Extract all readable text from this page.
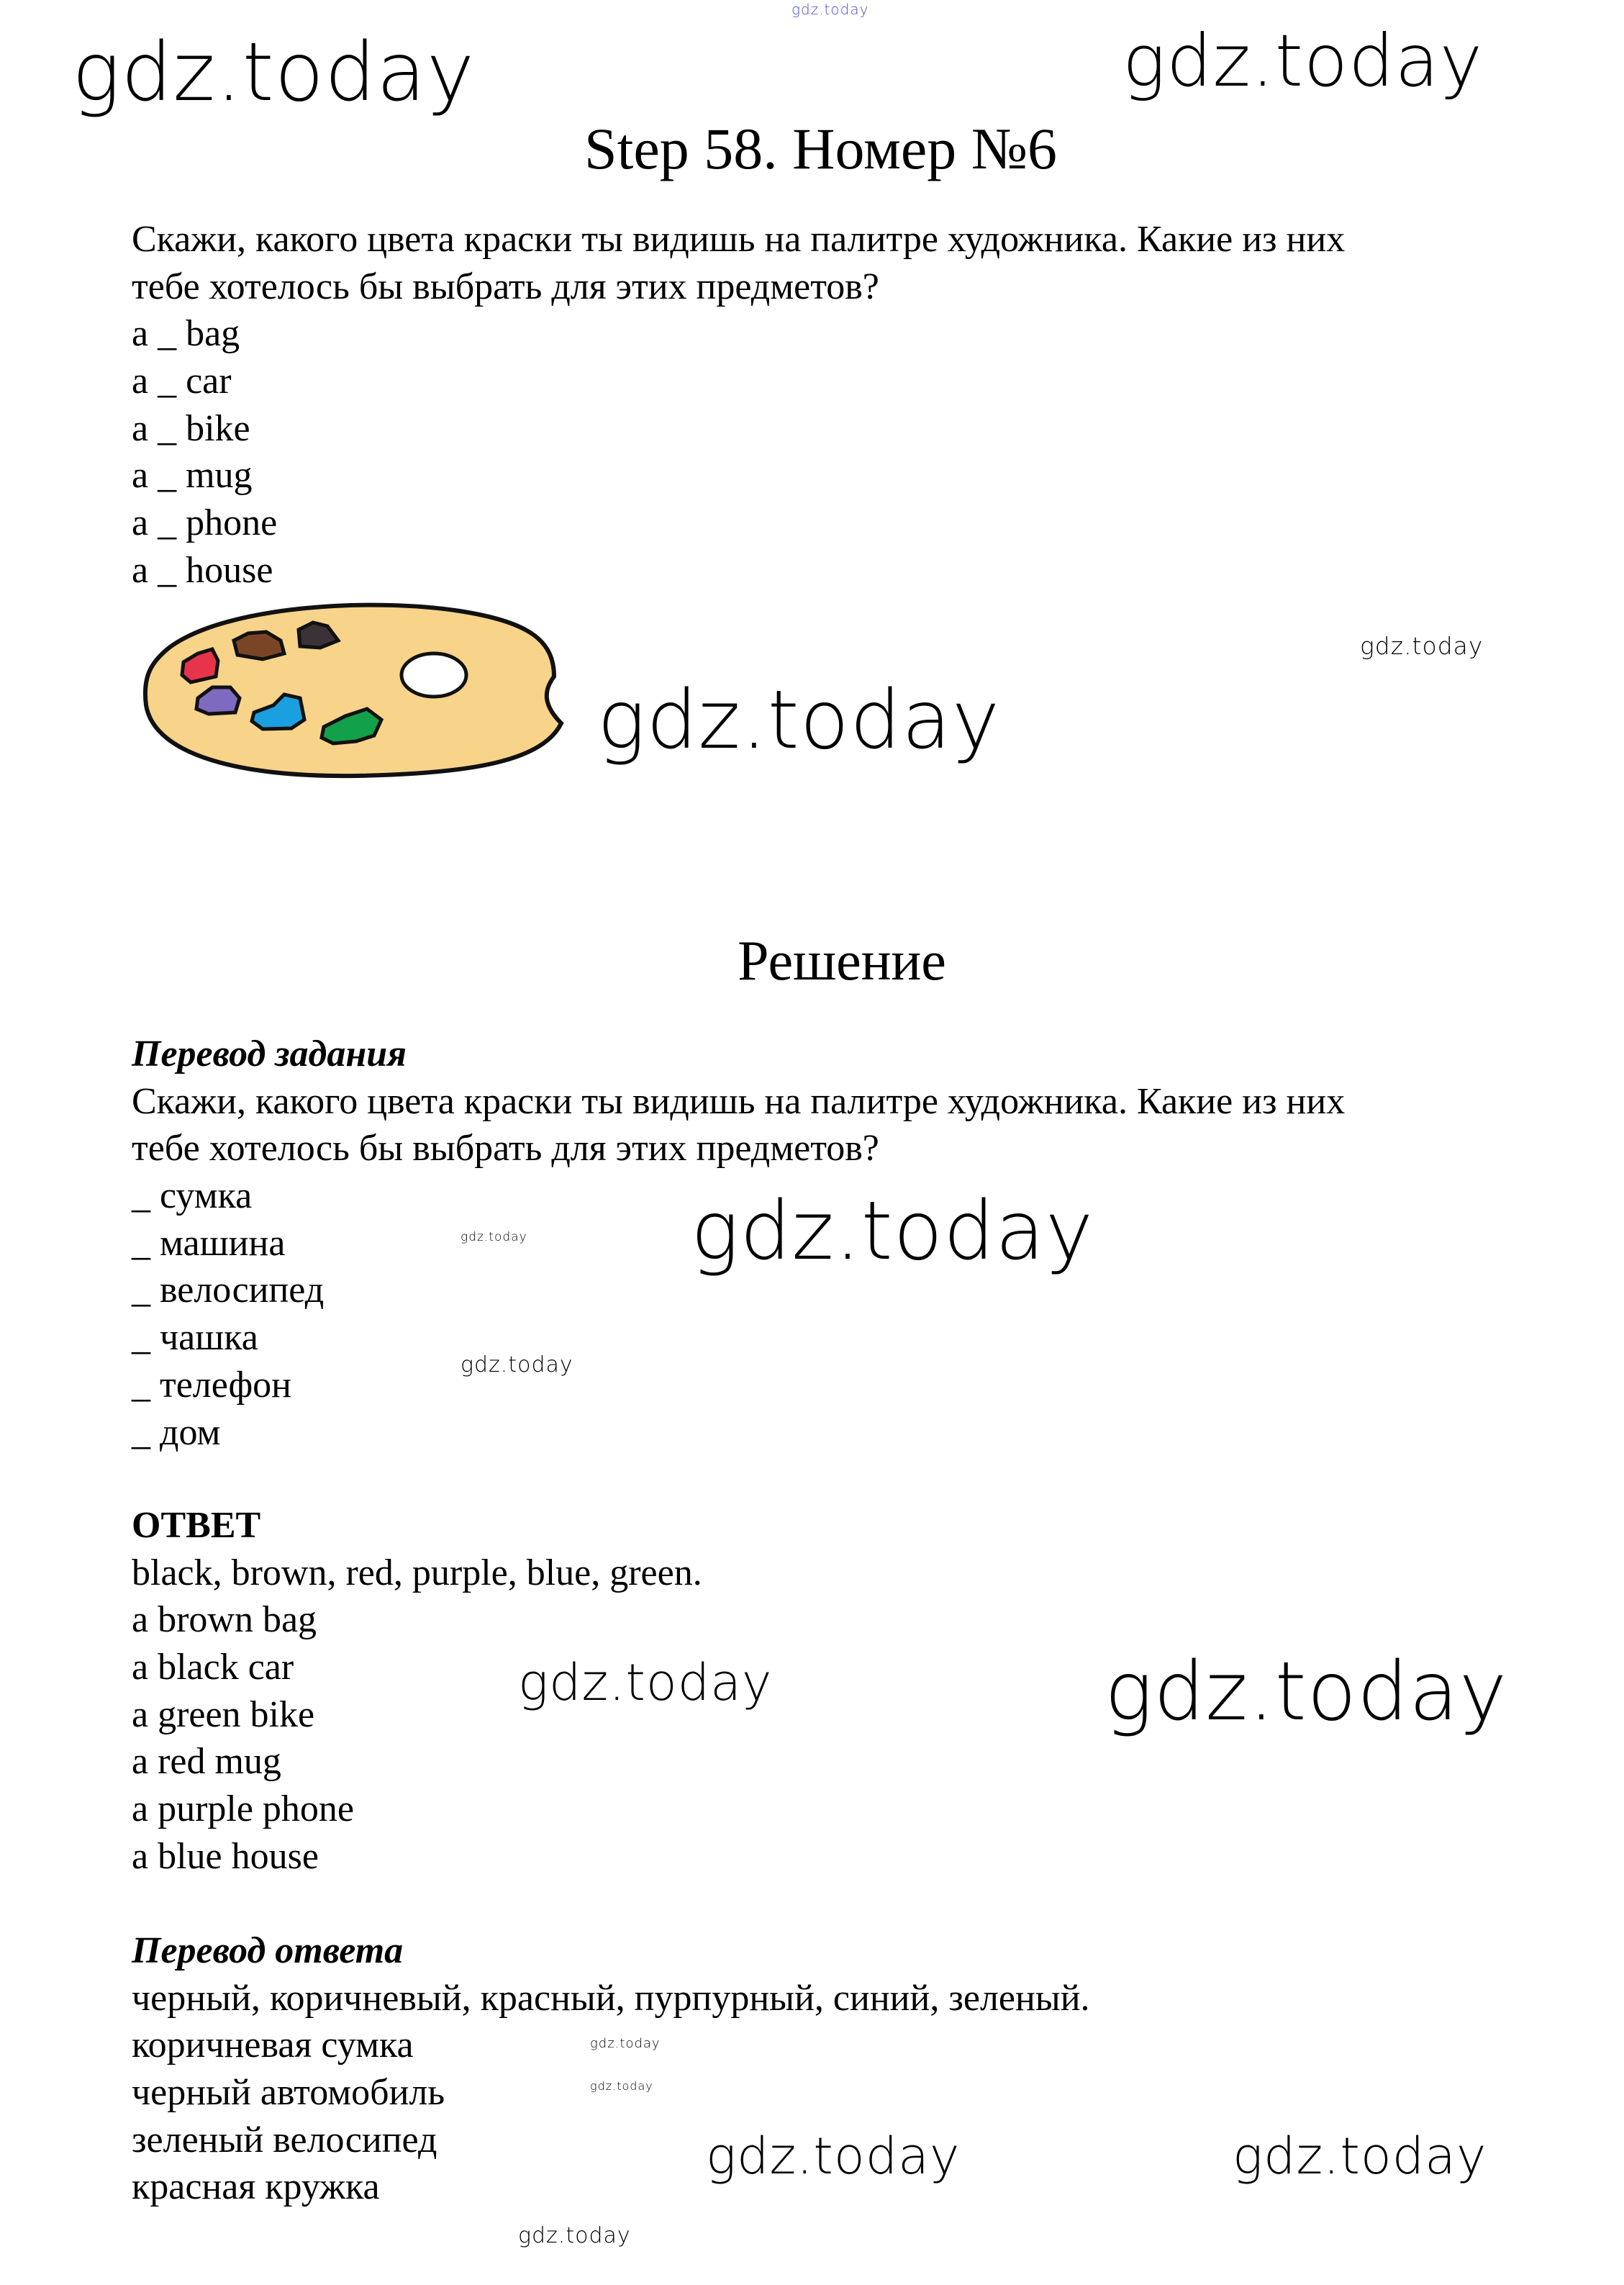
gdz.today
Step 58. Номер №6
Скажи, какого цвета краски ты видишь на палитре художника. Какие из них
тебе хотелось бы выбрать для этих предметов?
a _ bag
a _ car
a _ bike
a _ mug
a _ phone
a _ house
Решение
Перевод задания
Скажи, какого цвета краски ты видишь на палитре художника. Какие из них
тебе хотелось бы выбрать для этих предметов?
_ сумка
_ машина
_ велосипед
_ чашка
_ телефон
_ дом
ОТВЕТ
black, brown, red, purple, blue, green.
a brown bag
a black car
a green bike
a red mug
a purple phone
a blue house
Перевод ответа
черный, коричневый, красный, пурпурный, синий, зеленый.
коричневая сумка
черный автомобиль
зеленый велосипед
красная кружка
gdz.today	gdz.today
gdz.today
gdz.today
gdz.today
gdz.today
gdz.today
gdz.today	gdz.today
gdz.today
gdz.today
gdz.today
gdz.today	gdz.today
